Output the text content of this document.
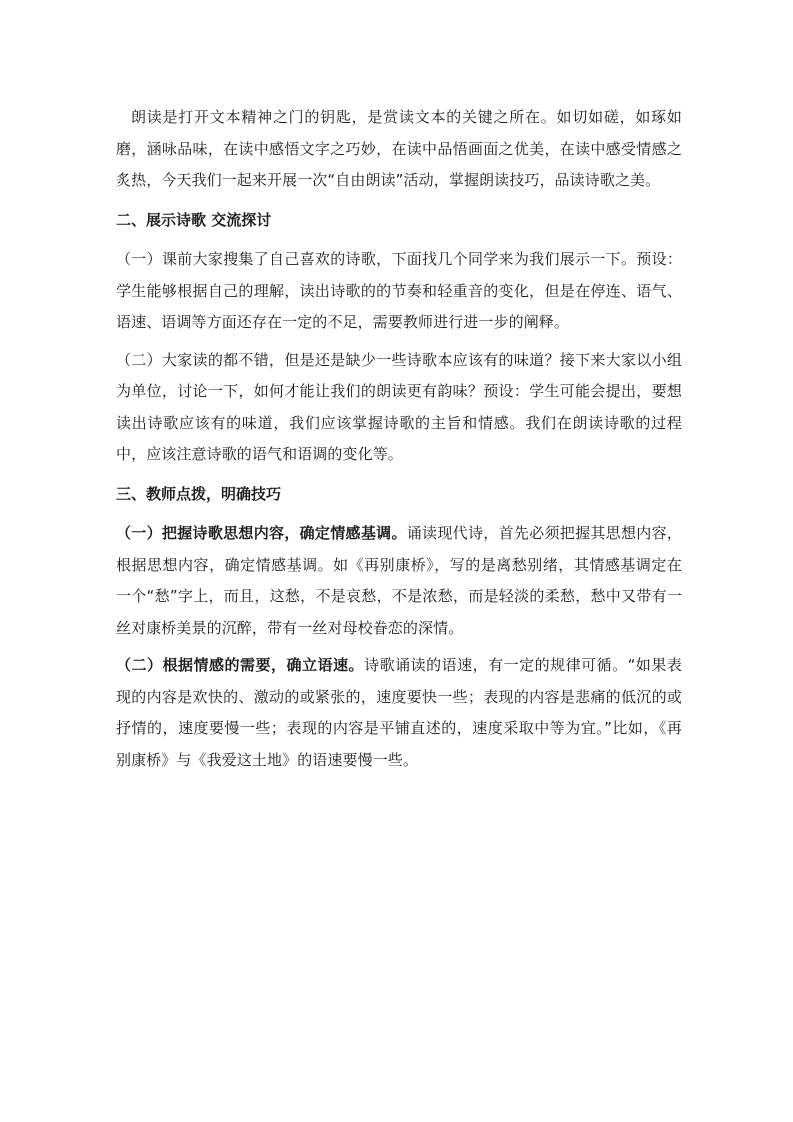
朗读是打开文本精神之门的钥匙，是赏读文本的关键之所在。如切如磋，如琢如磨，涵咏品味，在读中感悟文字之巧妙，在读中品悟画面之优美，在读中感受情感之炙热，今天我们一起来开展一次“自由朗读”活动，掌握朗读技巧，品读诗歌之美。

二、展示诗歌 交流探讨

（一）课前大家搜集了自己喜欢的诗歌，下面找几个同学来为我们展示一下。预设：学生能够根据自己的理解，读出诗歌的的节奏和轻重音的变化，但是在停连、语气、语速、语调等方面还存在一定的不足，需要教师进行进一步的阐释。

（二）大家读的都不错，但是还是缺少一些诗歌本应该有的味道？接下来大家以小组为单位，讨论一下，如何才能让我们的朗读更有韵味？预设：学生可能会提出，要想读出诗歌应该有的味道，我们应该掌握诗歌的主旨和情感。我们在朗读诗歌的过程中，应该注意诗歌的语气和语调的变化等。

三、教师点拨，明确技巧

（一）把握诗歌思想内容，确定情感基调。诵读现代诗，首先必须把握其思想内容，根据思想内容，确定情感基调。如《再别康桥》，写的是离愁别绪，其情感基调定在一个“愁”字上，而且，这愁，不是哀愁，不是浓愁，而是轻淡的柔愁，愁中又带有一丝对康桥美景的沉醉，带有一丝对母校眷恋的深情。

（二）根据情感的需要，确立语速。诗歌诵读的语速，有一定的规律可循。“如果表现的内容是欢快的、激动的或紧张的，速度要快一些；表现的内容是悲痛的低沉的或抒情的，速度要慢一些；表现的内容是平铺直述的，速度采取中等为宜。”比如，《再别康桥》与《我爱这土地》的语速要慢一些。
